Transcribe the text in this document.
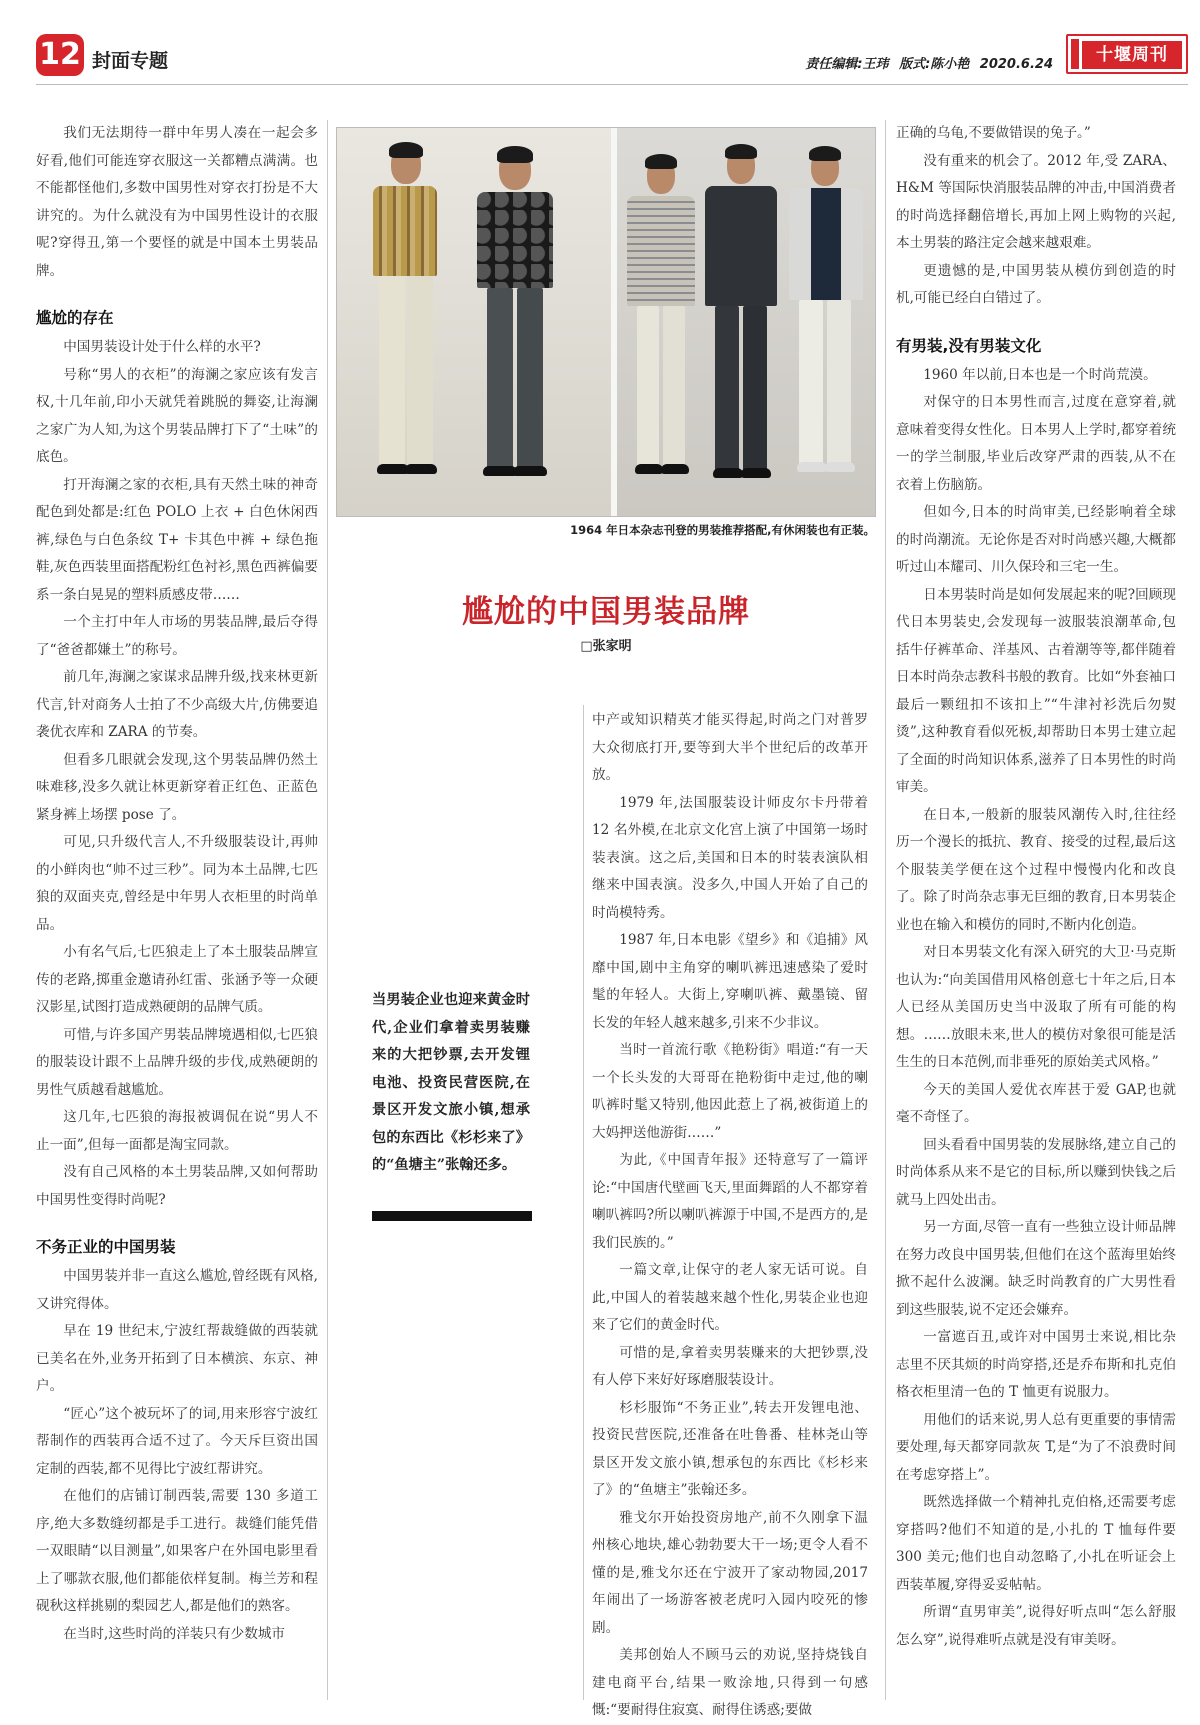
12 封面专题	责任编辑:王玮 版式:陈小艳 2020.6.24	十堰周刊

我们无法期待一群中年男人凑在一起会多好看,他们可能连穿衣服这一关都糟点满满。也不能都怪他们,多数中国男性对穿衣打扮是不大讲究的。为什么就没有为中国男性设计的衣服呢?穿得丑,第一个要怪的就是中国本土男装品牌。

尴尬的存在

中国男装设计处于什么样的水平?

号称“男人的衣柜”的海澜之家应该有发言权,十几年前,印小天就凭着跳脱的舞姿,让海澜之家广为人知,为这个男装品牌打下了“土味”的底色。

打开海澜之家的衣柜,具有天然土味的神奇配色到处都是:红色 POLO 上衣 + 白色休闲西裤,绿色与白色条纹 T+ 卡其色中裤 + 绿色拖鞋,灰色西装里面搭配粉红色衬衫,黑色西裤偏要系一条白晃晃的塑料质感皮带……

一个主打中年人市场的男装品牌,最后夺得了“爸爸都嫌土”的称号。

前几年,海澜之家谋求品牌升级,找来林更新代言,针对商务人士拍了不少高级大片,仿佛要追袭优衣库和 ZARA 的节奏。

但看多几眼就会发现,这个男装品牌仍然土味难移,没多久就让林更新穿着正红色、正蓝色紧身裤上场摆 pose 了。

可见,只升级代言人,不升级服装设计,再帅的小鲜肉也“帅不过三秒”。同为本土品牌,七匹狼的双面夹克,曾经是中年男人衣柜里的时尚单品。

小有名气后,七匹狼走上了本土服装品牌宣传的老路,掷重金邀请孙红雷、张涵予等一众硬汉影星,试图打造成熟硬朗的品牌气质。

可惜,与许多国产男装品牌境遇相似,七匹狼的服装设计跟不上品牌升级的步伐,成熟硬朗的男性气质越看越尴尬。

这几年,七匹狼的海报被调侃在说“男人不止一面”,但每一面都是淘宝同款。

没有自己风格的本土男装品牌,又如何帮助中国男性变得时尚呢?

不务正业的中国男装

中国男装并非一直这么尴尬,曾经既有风格,又讲究得体。

早在 19 世纪末,宁波红帮裁缝做的西装就已美名在外,业务开拓到了日本横滨、东京、神户。

“匠心”这个被玩坏了的词,用来形容宁波红帮制作的西装再合适不过了。今天斥巨资出国定制的西装,都不见得比宁波红帮讲究。

在他们的店铺订制西装,需要 130 多道工序,绝大多数缝纫都是手工进行。裁缝们能凭借一双眼睛“以目测量”,如果客户在外国电影里看上了哪款衣服,他们都能依样复制。梅兰芳和程砚秋这样挑剔的梨园艺人,都是他们的熟客。

在当时,这些时尚的洋装只有少数城市

1964 年日本杂志刊登的男装推荐搭配,有休闲装也有正装。
尴尬的中国男装品牌
□张家明
当男装企业也迎来黄金时代,企业们拿着卖男装赚来的大把钞票,去开发锂电池、投资民营医院,在景区开发文旅小镇,想承包的东西比《杉杉来了》的“鱼塘主”张翰还多。

中产或知识精英才能买得起,时尚之门对普罗大众彻底打开,要等到大半个世纪后的改革开放。

1979 年,法国服装设计师皮尔卡丹带着 12 名外模,在北京文化宫上演了中国第一场时装表演。这之后,美国和日本的时装表演队相继来中国表演。没多久,中国人开始了自己的时尚模特秀。

1987 年,日本电影《望乡》和《追捕》风靡中国,剧中主角穿的喇叭裤迅速感染了爱时髦的年轻人。大街上,穿喇叭裤、戴墨镜、留长发的年轻人越来越多,引来不少非议。

当时一首流行歌《艳粉街》唱道:“有一天一个长头发的大哥哥在艳粉街中走过,他的喇叭裤时髦又特别,他因此惹上了祸,被街道上的大妈押送他游街……”

为此,《中国青年报》还特意写了一篇评论:“中国唐代壁画飞天,里面舞蹈的人不都穿着喇叭裤吗?所以喇叭裤源于中国,不是西方的,是我们民族的。”

一篇文章,让保守的老人家无话可说。自此,中国人的着装越来越个性化,男装企业也迎来了它们的黄金时代。

可惜的是,拿着卖男装赚来的大把钞票,没有人停下来好好琢磨服装设计。

杉杉服饰“不务正业”,转去开发锂电池、投资民营医院,还准备在吐鲁番、桂林尧山等景区开发文旅小镇,想承包的东西比《杉杉来了》的“鱼塘主”张翰还多。

雅戈尔开始投资房地产,前不久刚拿下温州核心地块,雄心勃勃要大干一场;更令人看不懂的是,雅戈尔还在宁波开了家动物园,2017 年闹出了一场游客被老虎叼入园内咬死的惨剧。

美邦创始人不顾马云的劝说,坚持烧钱自建电商平台,结果一败涂地,只得到一句感慨:“要耐得住寂寞、耐得住诱惑;要做

正确的乌龟,不要做错误的兔子。”

没有重来的机会了。2012 年,受 ZARA、H&M 等国际快消服装品牌的冲击,中国消费者的时尚选择翻倍增长,再加上网上购物的兴起,本土男装的路注定会越来越艰难。

更遗憾的是,中国男装从模仿到创造的时机,可能已经白白错过了。

有男装,没有男装文化

1960 年以前,日本也是一个时尚荒漠。

对保守的日本男性而言,过度在意穿着,就意味着变得女性化。日本男人上学时,都穿着统一的学兰制服,毕业后改穿严肃的西装,从不在衣着上伤脑筋。

但如今,日本的时尚审美,已经影响着全球的时尚潮流。无论你是否对时尚感兴趣,大概都听过山本耀司、川久保玲和三宅一生。

日本男装时尚是如何发展起来的呢?回顾现代日本男装史,会发现每一波服装浪潮革命,包括牛仔裤革命、洋基风、古着潮等等,都伴随着日本时尚杂志教科书般的教育。比如“外套袖口最后一颗纽扣不该扣上”“牛津衬衫洗后勿熨烫”,这种教育看似死板,却帮助日本男士建立起了全面的时尚知识体系,滋养了日本男性的时尚审美。

在日本,一般新的服装风潮传入时,往往经历一个漫长的抵抗、教育、接受的过程,最后这个服装美学便在这个过程中慢慢内化和改良了。除了时尚杂志事无巨细的教育,日本男装企业也在输入和模仿的同时,不断内化创造。

对日本男装文化有深入研究的大卫·马克斯也认为:“向美国借用风格创意七十年之后,日本人已经从美国历史当中汲取了所有可能的构想。……放眼未来,世人的模仿对象很可能是活生生的日本范例,而非垂死的原始美式风格。”

今天的美国人爱优衣库甚于爱 GAP,也就毫不奇怪了。

回头看看中国男装的发展脉络,建立自己的时尚体系从来不是它的目标,所以赚到快钱之后就马上四处出击。

另一方面,尽管一直有一些独立设计师品牌在努力改良中国男装,但他们在这个蓝海里始终掀不起什么波澜。缺乏时尚教育的广大男性看到这些服装,说不定还会嫌弃。

一富遮百丑,或许对中国男士来说,相比杂志里不厌其烦的时尚穿搭,还是乔布斯和扎克伯格衣柜里清一色的 T 恤更有说服力。

用他们的话来说,男人总有更重要的事情需要处理,每天都穿同款灰 T,是“为了不浪费时间在考虑穿搭上”。

既然选择做一个精神扎克伯格,还需要考虑穿搭吗?他们不知道的是,小扎的 T 恤每件要 300 美元;他们也自动忽略了,小扎在听证会上西装革履,穿得妥妥帖帖。

所谓“直男审美”,说得好听点叫“怎么舒服怎么穿”,说得难听点就是没有审美呀。
